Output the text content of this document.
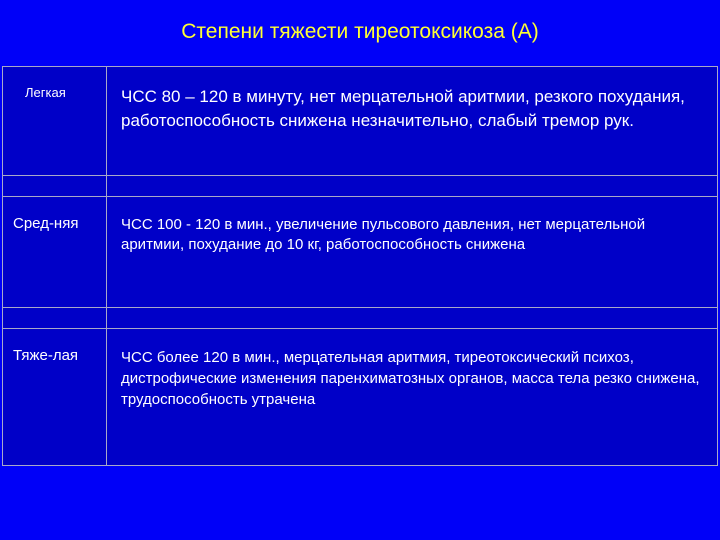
Степени тяжести тиреотоксикоза (А)
Легкая	ЧСС 80 – 120 в минуту, нет мерцательной аритмии, резкого похудания, работоспособность снижена незначительно, слабый тремор рук.
Сред-няя	ЧСС 100 - 120 в мин., увеличение пульсового давления, нет мерцательной аритмии, похудание до 10 кг, работоспособность снижена
Тяже-лая	ЧСС более 120 в мин., мерцательная аритмия, тиреотоксический психоз, дистрофические изменения паренхиматозных органов, масса тела резко снижена, трудоспособность утрачена
